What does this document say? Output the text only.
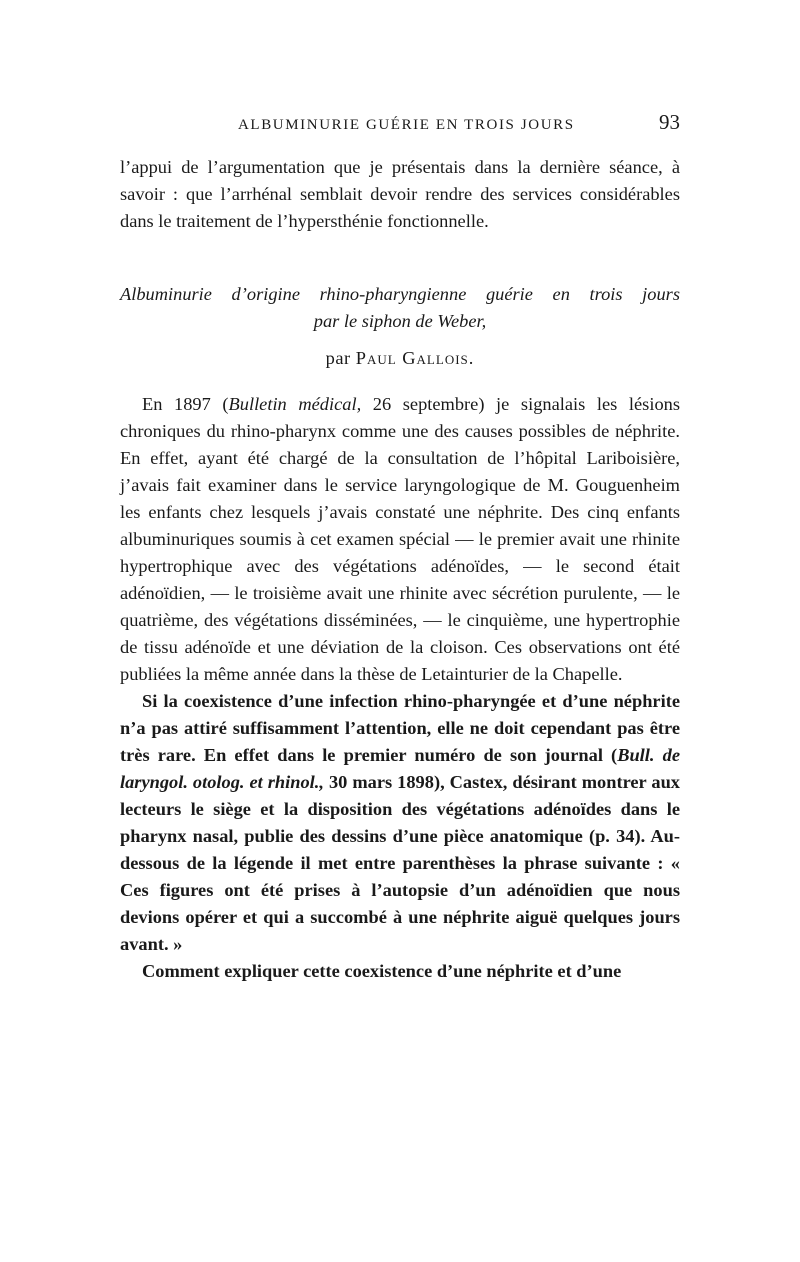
ALBUMINURIE GUÉRIE EN TROIS JOURS	93

l’appui de l’argumentation que je présentais dans la dernière séance, à savoir : que l’arrhénal semblait devoir rendre des services considérables dans le traitement de l’hypersthénie fonctionnelle.

Albuminurie d’origine rhino-pharyngienne guérie en trois jours
par le siphon de Weber,
par Paul Gallois.

En 1897 (Bulletin médical, 26 septembre) je signalais les lésions chroniques du rhino-pharynx comme une des causes possibles de néphrite. En effet, ayant été chargé de la consultation de l’hôpital Lariboisière, j’avais fait examiner dans le service laryngologique de M. Gouguenheim les enfants chez lesquels j’avais constaté une néphrite. Des cinq enfants albuminuriques soumis à cet examen spécial — le premier avait une rhinite hypertrophique avec des végétations adénoïdes, — le second était adénoïdien, — le troisième avait une rhinite avec sécrétion purulente, — le quatrième, des végétations disséminées, — le cinquième, une hypertrophie de tissu adénoïde et une déviation de la cloison. Ces observations ont été publiées la même année dans la thèse de Letainturier de la Chapelle.

Si la coexistence d’une infection rhino-pharyngée et d’une néphrite n’a pas attiré suffisamment l’attention, elle ne doit cependant pas être très rare. En effet dans le premier numéro de son journal (Bull. de laryngol. otolog. et rhinol., 30 mars 1898), Castex, désirant montrer aux lecteurs le siège et la disposition des végétations adénoïdes dans le pharynx nasal, publie des dessins d’une pièce anatomique (p. 34). Au-dessous de la légende il met entre parenthèses la phrase suivante : « Ces figures ont été prises à l’autopsie d’un adénoïdien que nous devions opérer et qui a succombé à une néphrite aiguë quelques jours avant. »

Comment expliquer cette coexistence d’une néphrite et d’une
